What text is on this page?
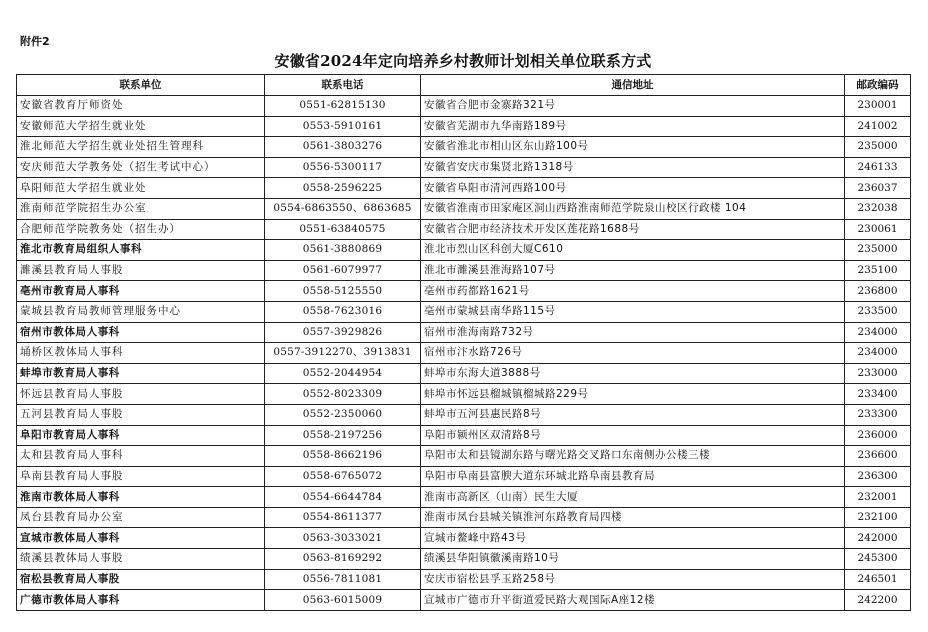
附件2
安徽省2024年定向培养乡村教师计划相关单位联系方式
联系单位	联系电话	通信地址	邮政编码
安徽省教育厅师资处	0551-62815130	安徽省合肥市金寨路321号	230001
安徽师范大学招生就业处	0553-5910161	安徽省芜湖市九华南路189号	241002
淮北师范大学招生就业处招生管理科	0561-3803276	安徽省淮北市相山区东山路100号	235000
安庆师范大学教务处（招生考试中心）	0556-5300117	安徽省安庆市集贤北路1318号	246133
阜阳师范大学招生就业处	0558-2596225	安徽省阜阳市清河西路100号	236037
淮南师范学院招生办公室	0554-6863550、6863685	安徽省淮南市田家庵区洞山西路淮南师范学院泉山校区行政楼 104	232038
合肥师范学院教务处（招生办）	0551-63840575	安徽省合肥市经济技术开发区莲花路1688号	230061
淮北市教育局组织人事科	0561-3880869	淮北市烈山区科创大厦C610	235000
濉溪县教育局人事股	0561-6079977	淮北市濉溪县淮海路107号	235100
亳州市教育局人事科	0558-5125550	亳州市药都路1621号	236800
蒙城县教育局教师管理服务中心	0558-7623016	亳州市蒙城县南华路115号	233500
宿州市教体局人事科	0557-3929826	宿州市淮海南路732号	234000
埇桥区教体局人事科	0557-3912270、3913831	宿州市汴水路726号	234000
蚌埠市教育局人事科	0552-2044954	蚌埠市东海大道3888号	233000
怀远县教育局人事股	0552-8023309	蚌埠市怀远县榴城镇榴城路229号	233400
五河县教育局人事股	0552-2350060	蚌埠市五河县惠民路8号	233300
阜阳市教育局人事科	0558-2197256	阜阳市颍州区双清路8号	236000
太和县教育局人事科	0558-8662196	阜阳市太和县镜湖东路与曙光路交叉路口东南侧办公楼三楼	236600
阜南县教育局人事股	0558-6765072	阜阳市阜南县富腴大道东环城北路阜南县教育局	236300
淮南市教体局人事科	0554-6644784	淮南市高新区（山南）民生大厦	232001
凤台县教育局办公室	0554-8611377	淮南市凤台县城关镇淮河东路教育局四楼	232100
宣城市教体局人事科	0563-3033021	宣城市鳌峰中路43号	242000
绩溪县教体局人事股	0563-8169292	绩溪县华阳镇徽溪南路10号	245300
宿松县教育局人事股	0556-7811081	安庆市宿松县孚玉路258号	246501
广德市教体局人事科	0563-6015009	宣城市广德市升平街道爱民路大观国际A座12楼	242200
